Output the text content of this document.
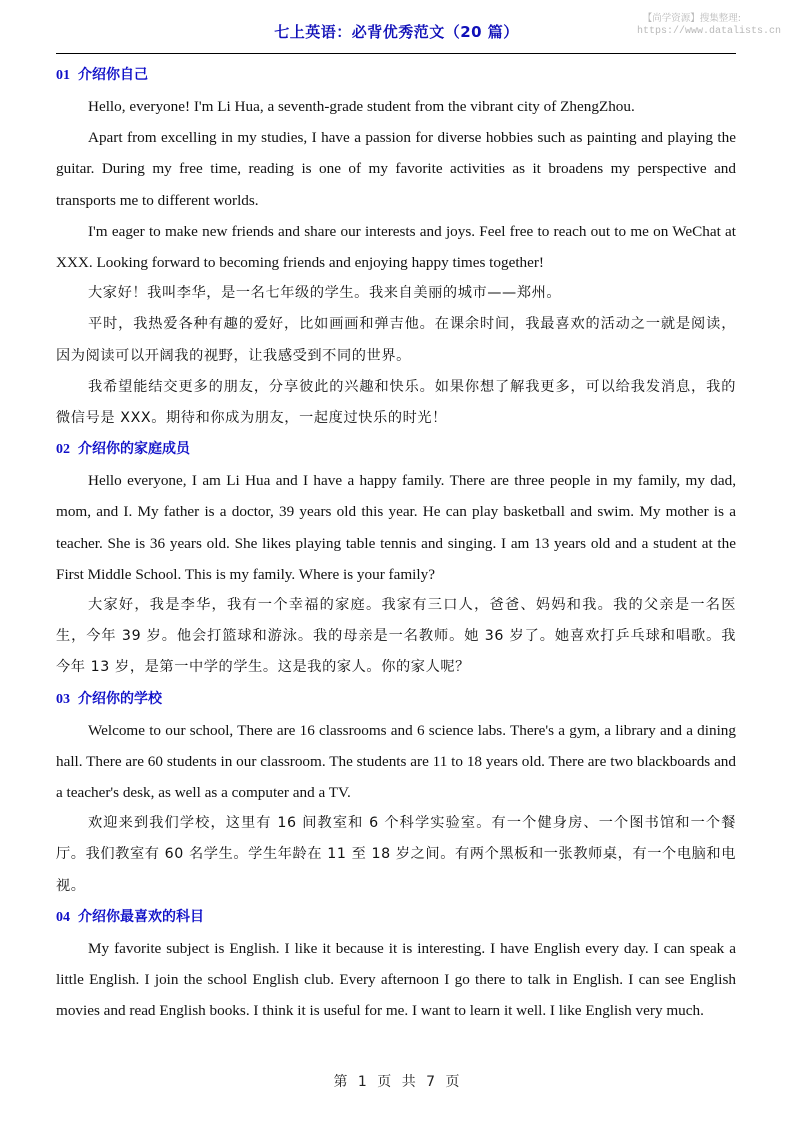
七上英语：必背优秀范文（20 篇）
【尚学资源】搜集整理:
https://www.datalists.cn
01 介绍你自己

Hello, everyone! I'm Li Hua, a seventh-grade student from the vibrant city of ZhengZhou.

Apart from excelling in my studies, I have a passion for diverse hobbies such as painting and playing the guitar. During my free time, reading is one of my favorite activities as it broadens my perspective and transports me to different worlds.

I'm eager to make new friends and share our interests and joys. Feel free to reach out to me on WeChat at XXX. Looking forward to becoming friends and enjoying happy times together!

大家好！我叫李华，是一名七年级的学生。我来自美丽的城市——郑州。

平时，我热爱各种有趣的爱好，比如画画和弹吉他。在课余时间，我最喜欢的活动之一就是阅读，因为阅读可以开阔我的视野，让我感受到不同的世界。

我希望能结交更多的朋友，分享彼此的兴趣和快乐。如果你想了解我更多，可以给我发消息，我的微信号是 XXX。期待和你成为朋友，一起度过快乐的时光！

02 介绍你的家庭成员

Hello everyone, I am Li Hua and I have a happy family. There are three people in my family, my dad, mom, and I. My father is a doctor, 39 years old this year. He can play basketball and swim. My mother is a teacher. She is 36 years old. She likes playing table tennis and singing. I am 13 years old and a student at the First Middle School. This is my family. Where is your family?

大家好，我是李华，我有一个幸福的家庭。我家有三口人，爸爸、妈妈和我。我的父亲是一名医生，今年 39 岁。他会打篮球和游泳。我的母亲是一名教师。她 36 岁了。她喜欢打乒乓球和唱歌。我今年 13 岁，是第一中学的学生。这是我的家人。你的家人呢？

03 介绍你的学校

Welcome to our school, There are 16 classrooms and 6 science labs. There's a gym, a library and a dining hall. There are 60 students in our classroom. The students are 11 to 18 years old. There are two blackboards and a teacher's desk, as well as a computer and a TV.

欢迎来到我们学校，这里有 16 间教室和 6 个科学实验室。有一个健身房、一个图书馆和一个餐厅。我们教室有 60 名学生。学生年龄在 11 至 18 岁之间。有两个黑板和一张教师桌，有一个电脑和电视。

04 介绍你最喜欢的科目

My favorite subject is English. I like it because it is interesting. I have English every day. I can speak a little English. I join the school English club. Every afternoon I go there to talk in English. I can see English movies and read English books. I think it is useful for me. I want to learn it well. I like English very much.

第 1 页 共 7 页
